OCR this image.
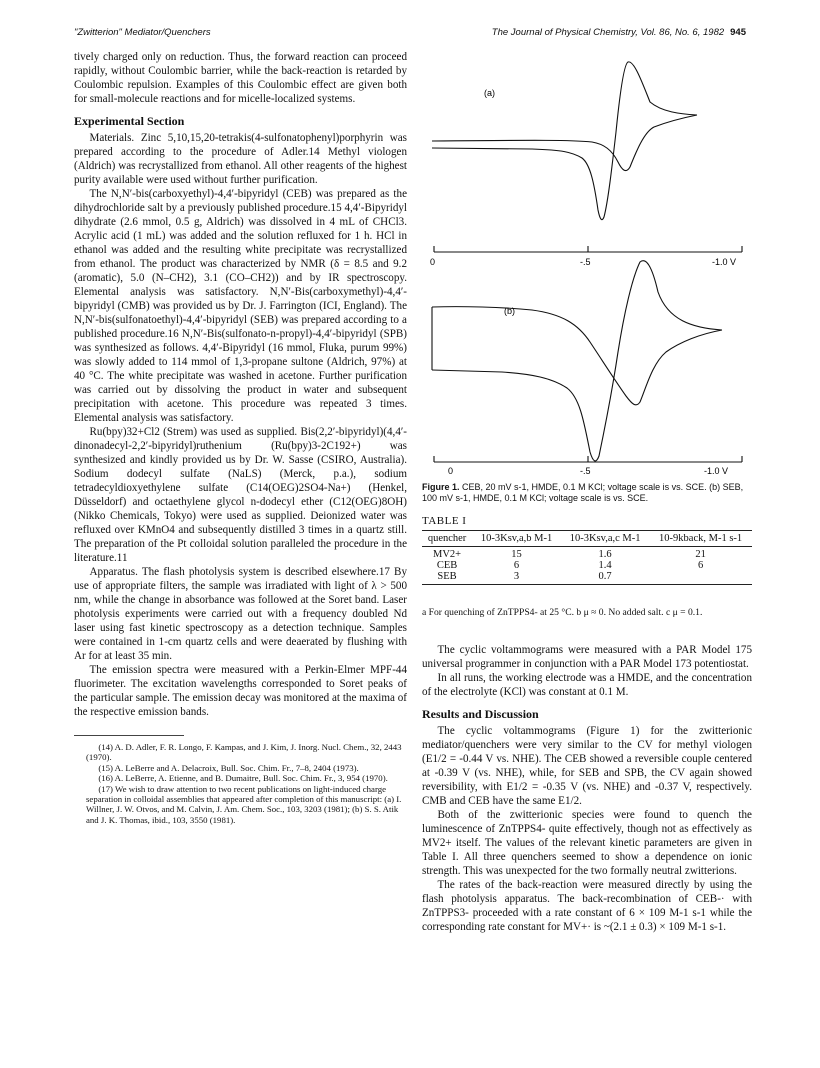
"Zwitterion" Mediator/Quenchers	The Journal of Physical Chemistry, Vol. 86, No. 6, 1982 945

tively charged only on reduction. Thus, the forward reaction can proceed rapidly, without Coulombic barrier, while the back-reaction is retarded by Coulombic repulsion. Examples of this Coulombic effect are given both for small-molecule reactions and for micelle-localized systems.

Experimental Section

Materials. Zinc 5,10,15,20-tetrakis(4-sulfonatophenyl)porphyrin was prepared according to the procedure of Adler.14 Methyl viologen (Aldrich) was recrystallized from ethanol. All other reagents of the highest purity available were used without further purification.

The N,N′-bis(carboxyethyl)-4,4′-bipyridyl (CEB) was prepared as the dihydrochloride salt by a previously published procedure.15 4,4′-Bipyridyl dihydrate (2.6 mmol, 0.5 g, Aldrich) was dissolved in 4 mL of CHCl3. Acrylic acid (1 mL) was added and the solution refluxed for 1 h. HCl in ethanol was added and the resulting white precipitate was recrystallized from ethanol. The product was characterized by NMR (δ = 8.5 and 9.2 (aromatic), 5.0 (N–CH2), 3.1 (CO–CH2)) and by IR spectroscopy. Elemental analysis was satisfactory. N,N′-Bis(carboxymethyl)-4,4′-bipyridyl (CMB) was provided us by Dr. J. Farrington (ICI, England). The N,N′-bis(sulfonatoethyl)-4,4′-bipyridyl (SEB) was prepared according to a published procedure.16 N,N′-Bis(sulfonato-n-propyl)-4,4′-bipyridyl (SPB) was synthesized as follows. 4,4′-Bipyridyl (16 mmol, Fluka, purum 99%) was slowly added to 114 mmol of 1,3-propane sultone (Aldrich, 97%) at 40 °C. The white precipitate was washed in acetone. Further purification was carried out by dissolving the product in water and subsequent precipitation with acetone. This procedure was repeated 3 times. Elemental analysis was satisfactory.

Ru(bpy)32+Cl2 (Strem) was used as supplied. Bis(2,2′-bipyridyl)(4,4′-dinonadecyl-2,2′-bipyridyl)ruthenium (Ru(bpy)3-2C192+) was synthesized and kindly provided us by Dr. W. Sasse (CSIRO, Australia). Sodium dodecyl sulfate (NaLS) (Merck, p.a.), sodium tetradecyldioxyethylene sulfate (C14(OEG)2SO4-Na+) (Henkel, Düsseldorf) and octaethylene glycol n-dodecyl ether (C12(OEG)8OH) (Nikko Chemicals, Tokyo) were used as supplied. Deionized water was refluxed over KMnO4 and subsequently distilled 3 times in a quartz still. The preparation of the Pt colloidal solution paralleled the procedure in the literature.11

Apparatus. The flash photolysis system is described elsewhere.17 By use of appropriate filters, the sample was irradiated with light of λ > 500 nm, while the change in absorbance was followed at the Soret band. Laser photolysis experiments were carried out with a frequency doubled Nd laser using fast kinetic spectroscopy as a detection technique. Samples were contained in 1-cm quartz cells and were deaerated by flushing with Ar for at least 35 min.

The emission spectra were measured with a Perkin-Elmer MPF-44 fluorimeter. The excitation wavelengths corresponded to Soret peaks of the particular sample. The emission decay was monitored at the maxima of the respective emission bands.

(14) A. D. Adler, F. R. Longo, F. Kampas, and J. Kim, J. Inorg. Nucl. Chem., 32, 2443 (1970).

(15) A. LeBerre and A. Delacroix, Bull. Soc. Chim. Fr., 7–8, 2404 (1973).

(16) A. LeBerre, A. Etienne, and B. Dumaitre, Bull. Soc. Chim. Fr., 3, 954 (1970).

(17) We wish to draw attention to two recent publications on light-induced charge separation in colloidal assemblies that appeared after completion of this manuscript: (a) I. Willner, J. W. Otvos, and M. Calvin, J. Am. Chem. Soc., 103, 3203 (1981); (b) S. S. Atik and J. K. Thomas, ibid., 103, 3550 (1981).

(a)
0	-.5	-1.0 V
(b)
0	-.5	-1.0 V
Figure 1. CEB, 20 mV s-1, HMDE, 0.1 M KCl; voltage scale is vs. SCE. (b) SEB, 100 mV s-1, HMDE, 0.1 M KCl; voltage scale is vs. SCE.
TABLE I
quencher	10-3Ksv,a,b M-1	10-3Ksv,a,c M-1	10-9kback, M-1 s-1
MV2+	15	1.6	21
CEB	6	1.4	6
SEB	3	0.7	
a For quenching of ZnTPPS4- at 25 °C. b μ ≈ 0. No added salt. c μ = 0.1.

The cyclic voltammograms were measured with a PAR Model 175 universal programmer in conjunction with a PAR Model 173 potentiostat.

In all runs, the working electrode was a HMDE, and the concentration of the electrolyte (KCl) was constant at 0.1 M.

Results and Discussion

The cyclic voltammograms (Figure 1) for the zwitterionic mediator/quenchers were very similar to the CV for methyl viologen (E1/2 = -0.44 V vs. NHE). The CEB showed a reversible couple centered at -0.39 V (vs. NHE), while, for SEB and SPB, the CV again showed reversibility, with E1/2 = -0.35 V (vs. NHE) and -0.37 V, respectively. CMB and CEB have the same E1/2.

Both of the zwitterionic species were found to quench the luminescence of ZnTPPS4- quite effectively, though not as effectively as MV2+ itself. The values of the relevant kinetic parameters are given in Table I. All three quenchers seemed to show a dependence on ionic strength. This was unexpected for the two formally neutral zwitterions.

The rates of the back-reaction were measured directly by using the flash photolysis apparatus. The back-recombination of CEB-· with ZnTPPS3- proceeded with a rate constant of 6 × 109 M-1 s-1 while the corresponding rate constant for MV+· is ~(2.1 ± 0.3) × 109 M-1 s-1.
